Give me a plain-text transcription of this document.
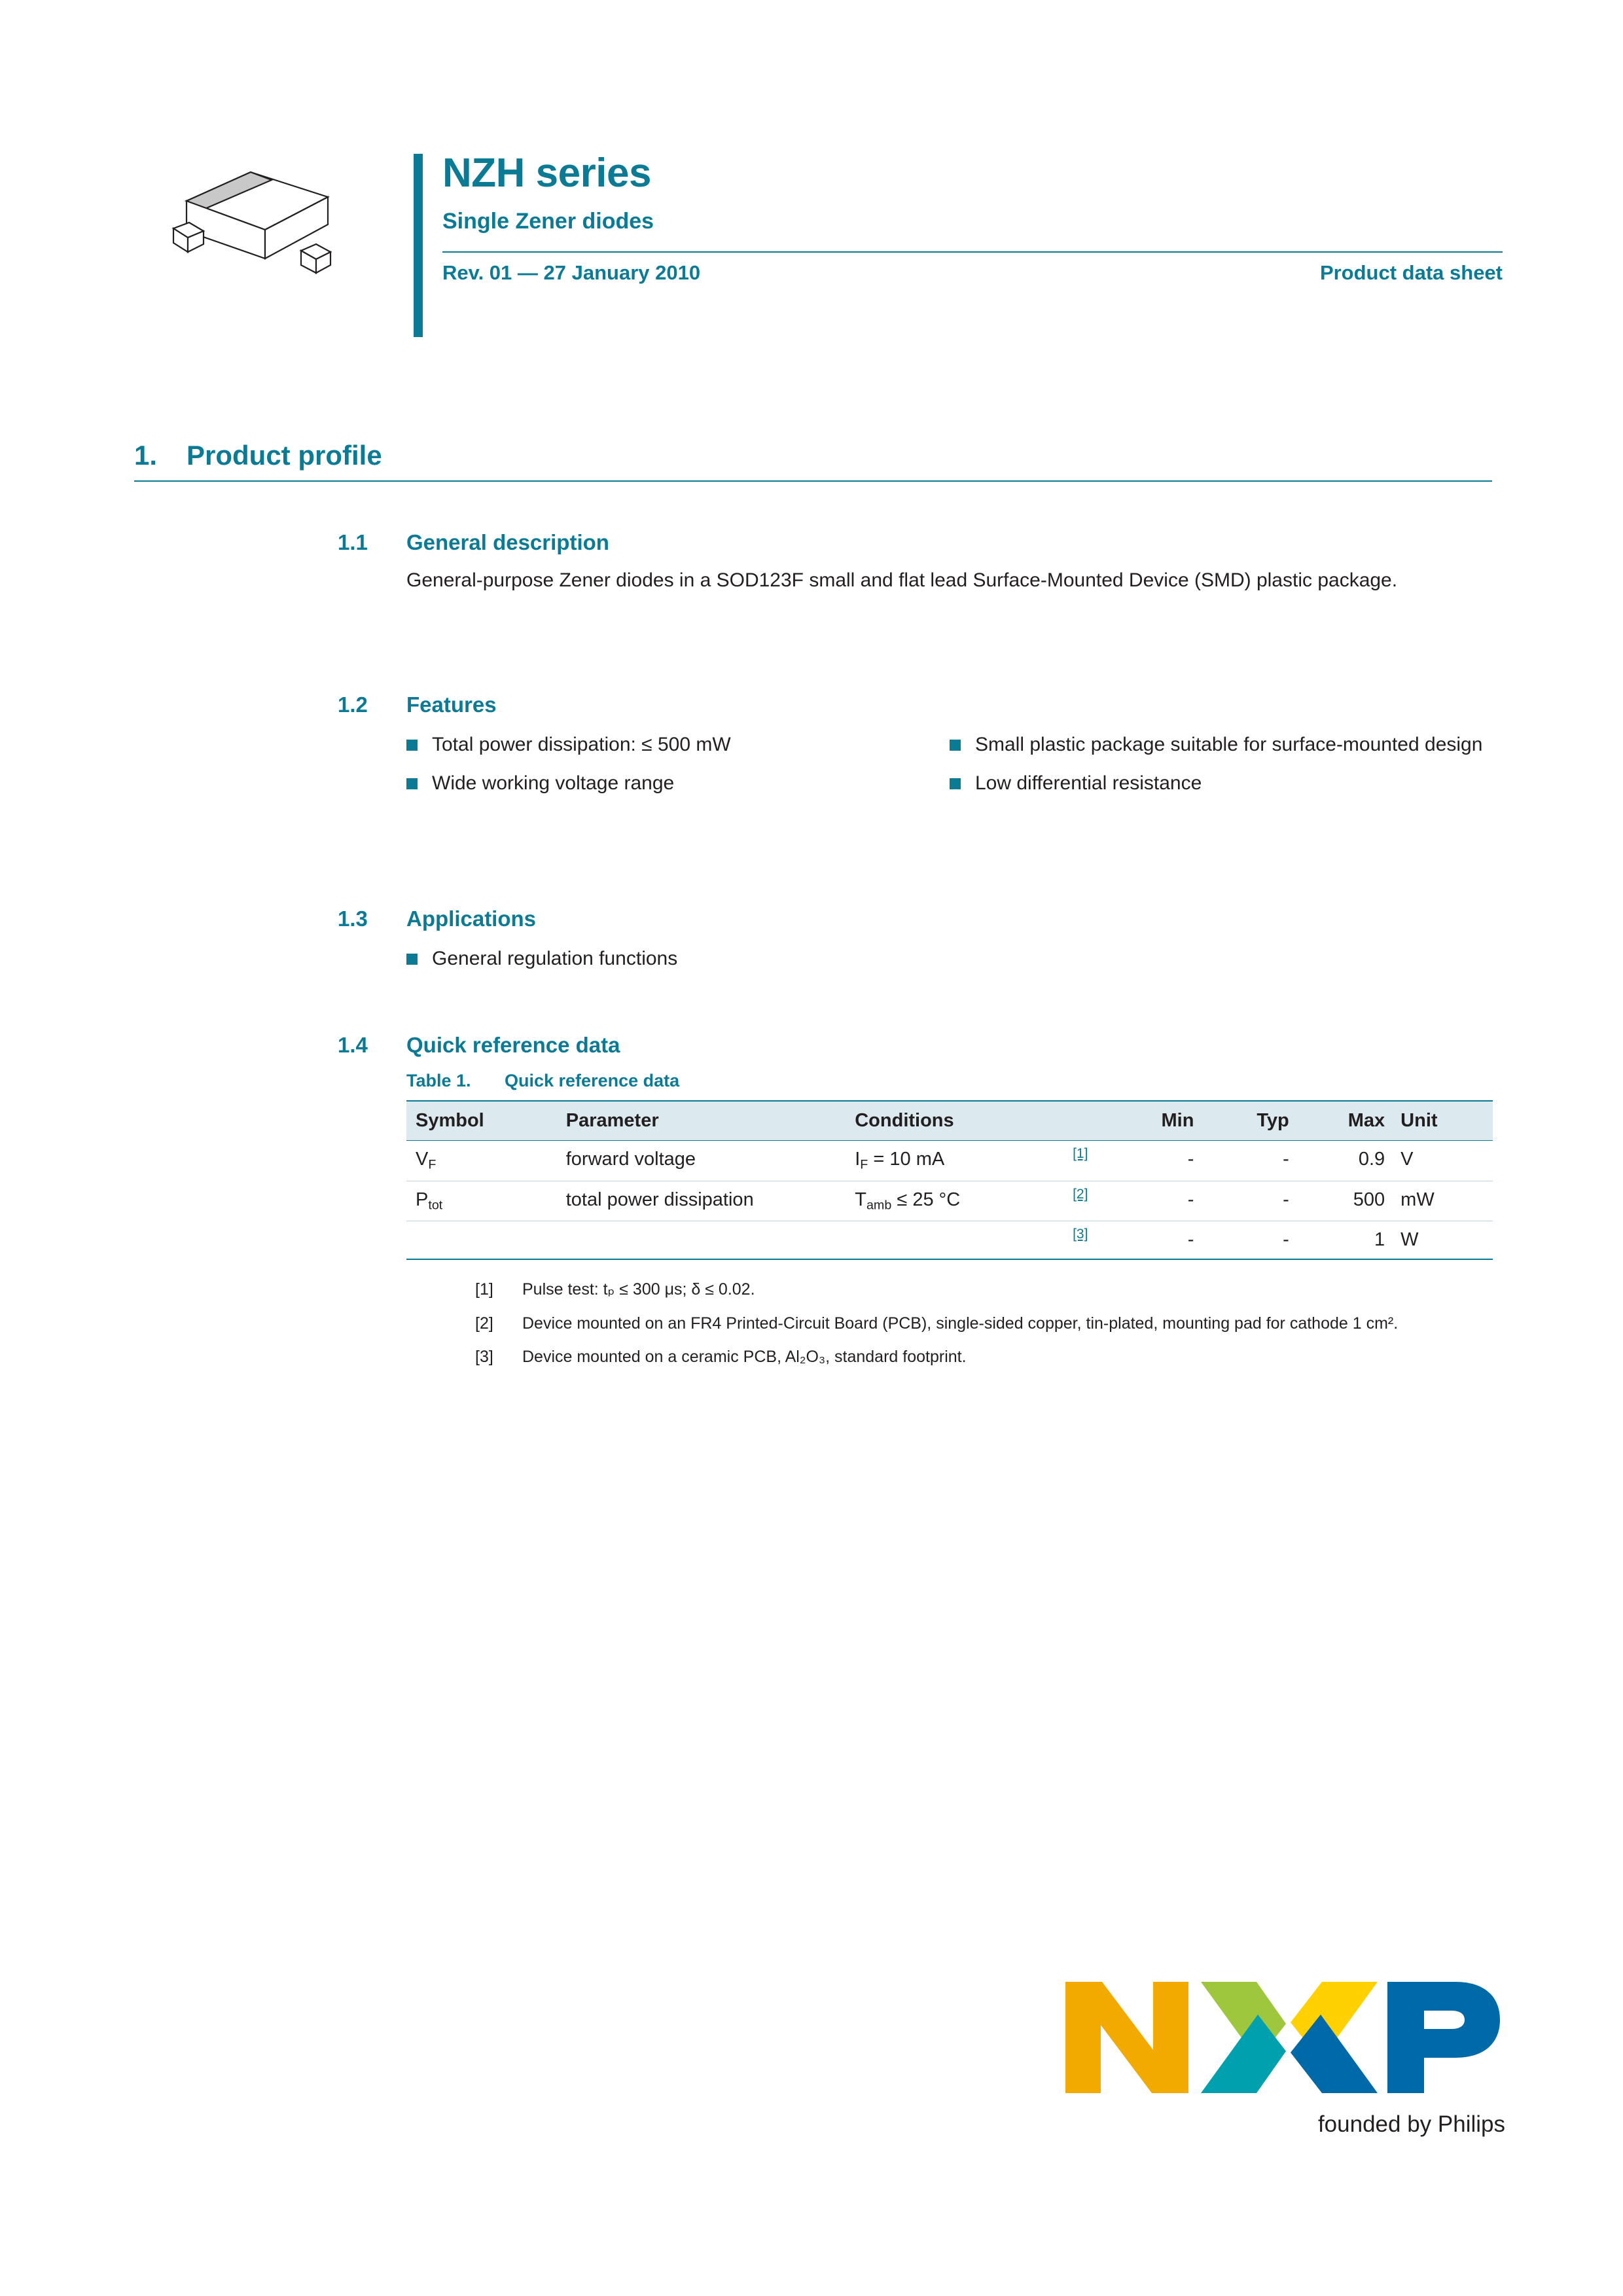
NZH series
Single Zener diodes
Rev. 01 — 27 January 2010	Product data sheet
1.	Product profile
1.1	General description
General-purpose Zener diodes in a SOD123F small and flat lead Surface-Mounted Device (SMD) plastic package.
1.2	Features
Total power dissipation: ≤ 500 mW
Wide working voltage range
Small plastic package suitable for surface-mounted design
Low differential resistance
1.3	Applications
General regulation functions
1.4	Quick reference data
Table 1.	Quick reference data
Symbol	Parameter	Conditions	Min	Typ	Max	Unit
$V_F$	forward voltage	$I_F = 10$ mA [1]	-	-	0.9	V
$P_{tot}$	total power dissipation	$T_{amb} \le 25$ °C [2]	-	-	500	mW

		[3]	-	-	1	W
[1]	Pulse test: tₚ ≤ 300 μs; δ ≤ 0.02.
[2]	Device mounted on an FR4 Printed-Circuit Board (PCB), single-sided copper, tin-plated, mounting pad for cathode 1 cm².
[3]	Device mounted on a ceramic PCB, Al₂O₃, standard footprint.
founded by Philips
